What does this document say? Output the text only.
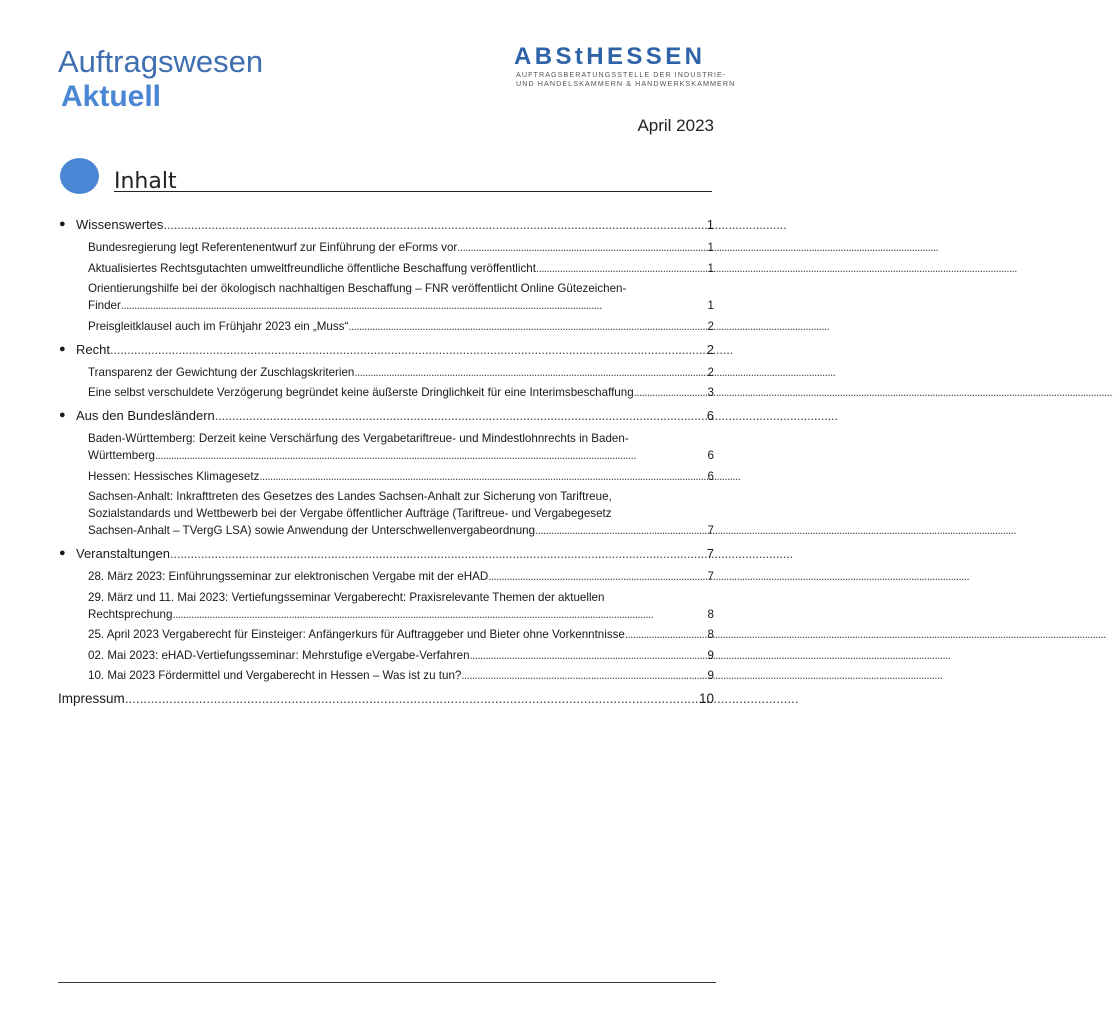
Auftragswesen
Aktuell
ABStHESSEN
AUFTRAGSBERATUNGSSTELLE DER INDUSTRIE-
UND HANDELSKAMMERN & HANDWERKSKAMMERN
April 2023
Inhalt
● Wissenswertes . . .	1
Bundesregierung legt Referentenentwurf zur Einführung der eForms vor . . .	1
Aktualisiertes Rechtsgutachten umweltfreundliche öffentliche Beschaffung veröffentlicht . . .	1
Orientierungshilfe bei der ökologisch nachhaltigen Beschaffung – FNR veröffentlicht Online Gütezeichen-
Finder . . .	1
Preisgleitklausel auch im Frühjahr 2023 ein „Muss“ . . .	2
● Recht . . .	2
Transparenz der Gewichtung der Zuschlagskriterien . . .	2
Eine selbst verschuldete Verzögerung begründet keine äußerste Dringlichkeit für eine Interimsbeschaffung . . .	3
● Aus den Bundesländern . . .	6
Baden-Württemberg: Derzeit keine Verschärfung des Vergabetariftreue- und Mindestlohnrechts in Baden-
Württemberg . . .	6
Hessen: Hessisches Klimagesetz . . .	6
Sachsen-Anhalt: Inkrafttreten des Gesetzes des Landes Sachsen-Anhalt zur Sicherung von Tariftreue,
Sozialstandards und Wettbewerb bei der Vergabe öffentlicher Aufträge (Tariftreue- und Vergabegesetz
Sachsen-Anhalt – TVergG LSA) sowie Anwendung der Unterschwellenvergabeordnung . . .	7
● Veranstaltungen . . .	7
28. März 2023: Einführungsseminar zur elektronischen Vergabe mit der eHAD . . .	7
29. März und 11. Mai 2023: Vertiefungsseminar Vergaberecht: Praxisrelevante Themen der aktuellen
Rechtsprechung . . .	8
25. April 2023 Vergaberecht für Einsteiger: Anfängerkurs für Auftraggeber und Bieter ohne Vorkenntnisse . . .	8
02. Mai 2023: eHAD-Vertiefungsseminar: Mehrstufige eVergabe-Verfahren . . .	9
10. Mai 2023 Fördermittel und Vergaberecht in Hessen – Was ist zu tun? . . .	9
Impressum . . .	10
